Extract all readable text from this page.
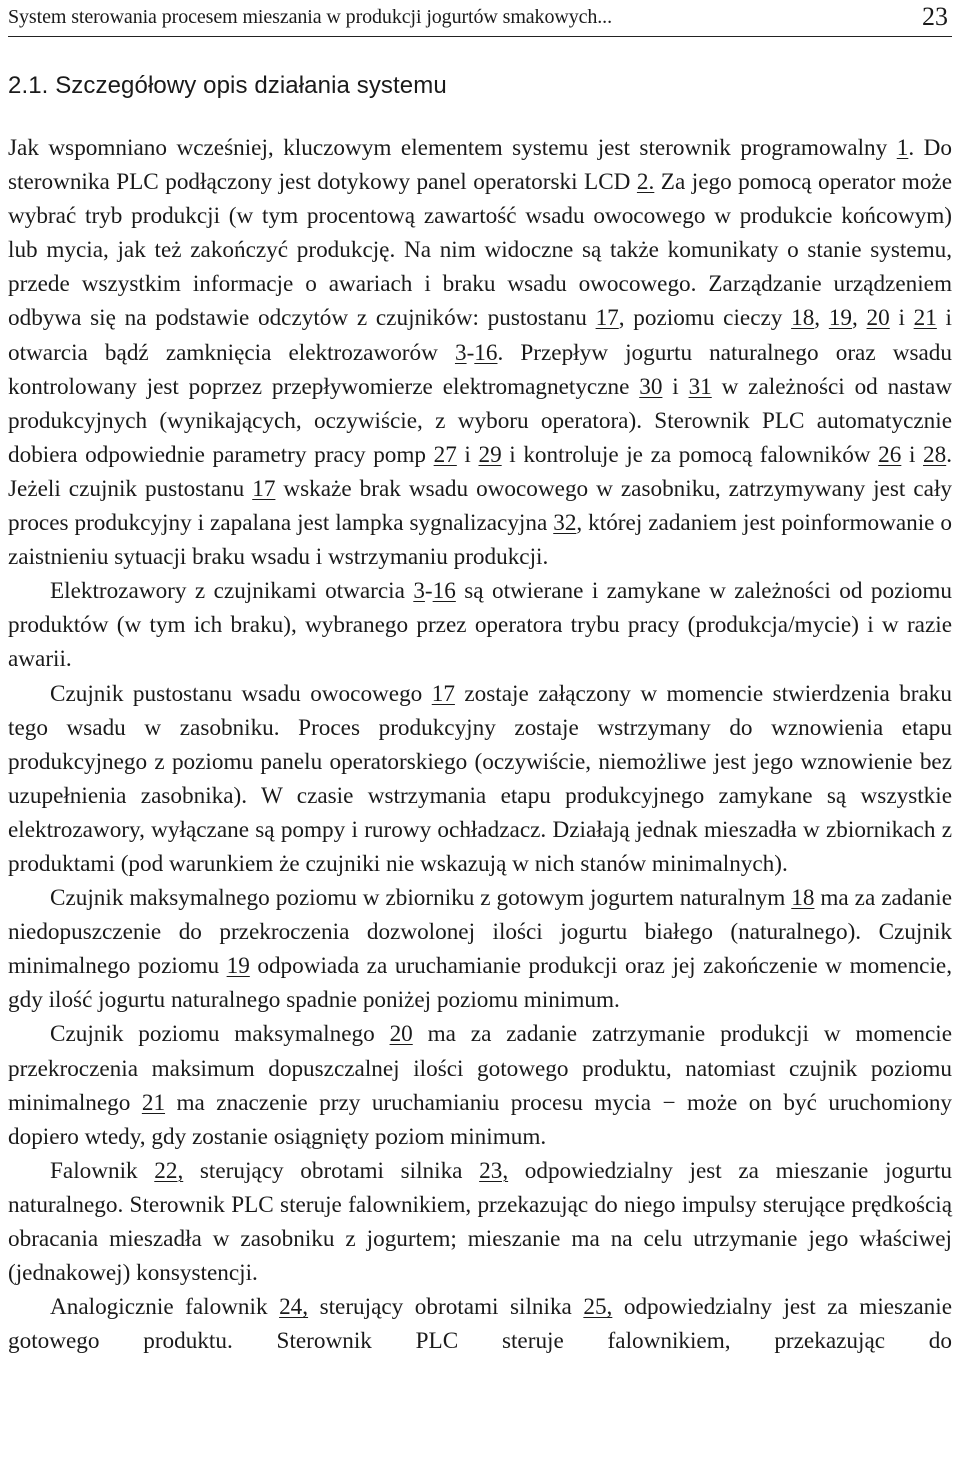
System sterowania procesem mieszania w produkcji jogurtów smakowych...	23
2.1. Szczegółowy opis działania systemu

Jak wspomniano wcześniej, kluczowym elementem systemu jest sterownik programowalny 1. Do sterownika PLC podłączony jest dotykowy panel operatorski LCD 2. Za jego pomocą operator może wybrać tryb produkcji (w tym procentową zawartość wsadu owocowego w produkcie końcowym) lub mycia, jak też zakończyć produkcję. Na nim widoczne są także komunikaty o stanie systemu, przede wszystkim informacje o awariach i braku wsadu owocowego. Zarządzanie urządzeniem odbywa się na podstawie odczytów z czujników: pustostanu 17, poziomu cieczy 18, 19, 20 i 21 i otwarcia bądź zamknięcia elektrozaworów 3-16. Przepływ jogurtu naturalnego oraz wsadu kontrolowany jest poprzez przepływomierze elektromagnetyczne 30 i 31 w zależności od nastaw produkcyjnych (wynikających, oczywiście, z wyboru operatora). Sterownik PLC automatycznie dobiera odpowiednie parametry pracy pomp 27 i 29 i kontroluje je za pomocą falowników 26 i 28. Jeżeli czujnik pustostanu 17 wskaże brak wsadu owocowego w zasobniku, zatrzymywany jest cały proces produkcyjny i zapalana jest lampka sygnalizacyjna 32, której zadaniem jest poinformowanie o zaistnieniu sytuacji braku wsadu i wstrzymaniu produkcji.

Elektrozawory z czujnikami otwarcia 3-16 są otwierane i zamykane w zależności od poziomu produktów (w tym ich braku), wybranego przez operatora trybu pracy (produkcja/mycie) i w razie awarii.

Czujnik pustostanu wsadu owocowego 17 zostaje załączony w momencie stwierdzenia braku tego wsadu w zasobniku. Proces produkcyjny zostaje wstrzymany do wznowienia etapu produkcyjnego z poziomu panelu operatorskiego (oczywiście, niemożliwe jest jego wznowienie bez uzupełnienia zasobnika). W czasie wstrzymania etapu produkcyjnego zamykane są wszystkie elektrozawory, wyłączane są pompy i rurowy ochładzacz. Działają jednak mieszadła w zbiornikach z produktami (pod warunkiem że czujniki nie wskazują w nich stanów minimalnych).

Czujnik maksymalnego poziomu w zbiorniku z gotowym jogurtem naturalnym 18 ma za zadanie niedopuszczenie do przekroczenia dozwolonej ilości jogurtu białego (naturalnego). Czujnik minimalnego poziomu 19 odpowiada za uruchamianie produkcji oraz jej zakończenie w momencie, gdy ilość jogurtu naturalnego spadnie poniżej poziomu minimum.

Czujnik poziomu maksymalnego 20 ma za zadanie zatrzymanie produkcji w momencie przekroczenia maksimum dopuszczalnej ilości gotowego produktu, natomiast czujnik poziomu minimalnego 21 ma znaczenie przy uruchamianiu procesu mycia − może on być uruchomiony dopiero wtedy, gdy zostanie osiągnięty poziom minimum.

Falownik 22, sterujący obrotami silnika 23, odpowiedzialny jest za mieszanie jogurtu naturalnego. Sterownik PLC steruje falownikiem, przekazując do niego impulsy sterujące prędkością obracania mieszadła w zasobniku z jogurtem; mieszanie ma na celu utrzymanie jego właściwej (jednakowej) konsystencji.

Analogicznie falownik 24, sterujący obrotami silnika 25, odpowiedzialny jest za mieszanie gotowego produktu. Sterownik PLC steruje falownikiem, przekazując do
